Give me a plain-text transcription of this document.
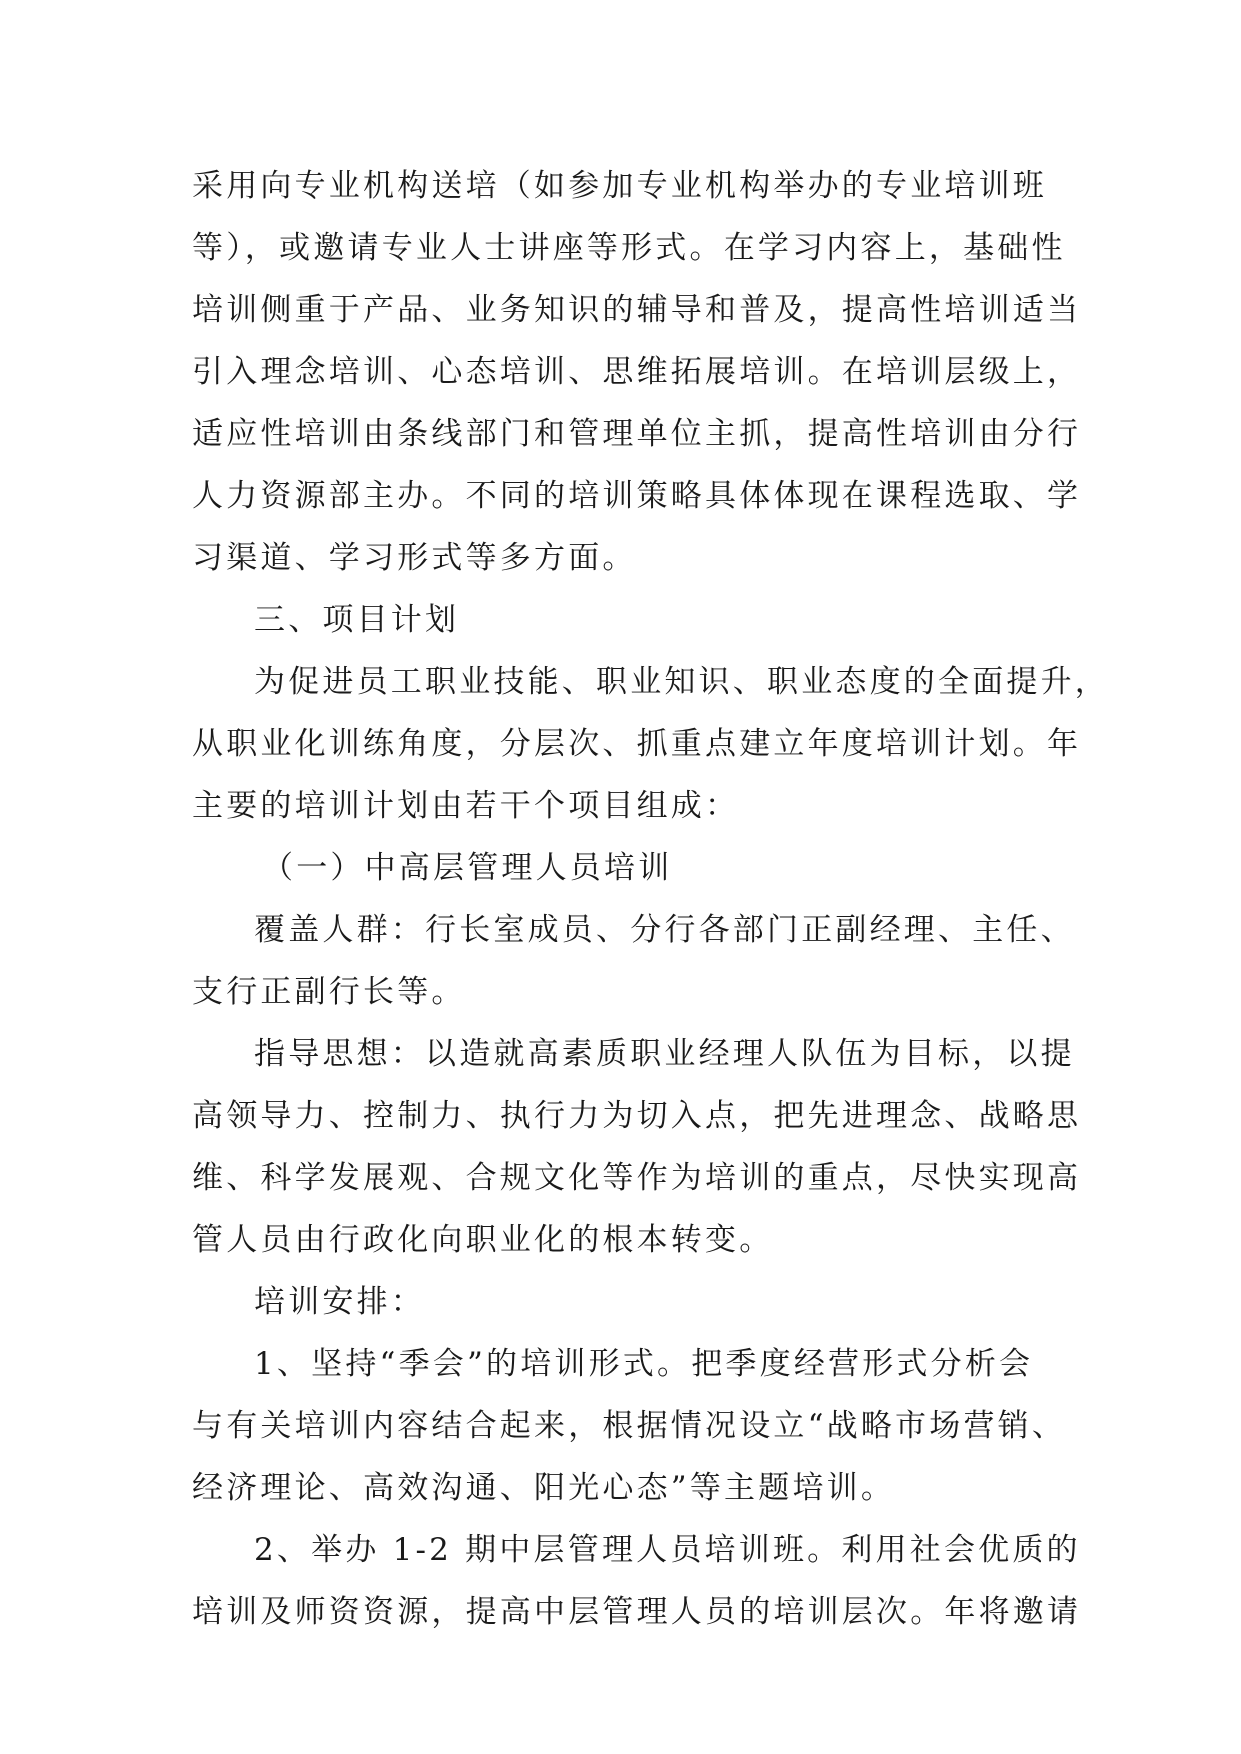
采用向专业机构送培（如参加专业机构举办的专业培训班
等），或邀请专业人士讲座等形式。在学习内容上，基础性
培训侧重于产品、业务知识的辅导和普及，提高性培训适当
引入理念培训、心态培训、思维拓展培训。在培训层级上，
适应性培训由条线部门和管理单位主抓，提高性培训由分行
人力资源部主办。不同的培训策略具体体现在课程选取、学
习渠道、学习形式等多方面。
三、项目计划
为促进员工职业技能、职业知识、职业态度的全面提升，
从职业化训练角度，分层次、抓重点建立年度培训计划。年
主要的培训计划由若干个项目组成：
（一）中高层管理人员培训
覆盖人群：行长室成员、分行各部门正副经理、主任、
支行正副行长等。
指导思想：以造就高素质职业经理人队伍为目标，以提
高领导力、控制力、执行力为切入点，把先进理念、战略思
维、科学发展观、合规文化等作为培训的重点，尽快实现高
管人员由行政化向职业化的根本转变。
培训安排：
1、坚持“季会”的培训形式。把季度经营形式分析会
与有关培训内容结合起来，根据情况设立“战略市场营销、
经济理论、高效沟通、阳光心态”等主题培训。
2、举办 1-2 期中层管理人员培训班。利用社会优质的
培训及师资资源，提高中层管理人员的培训层次。年将邀请
